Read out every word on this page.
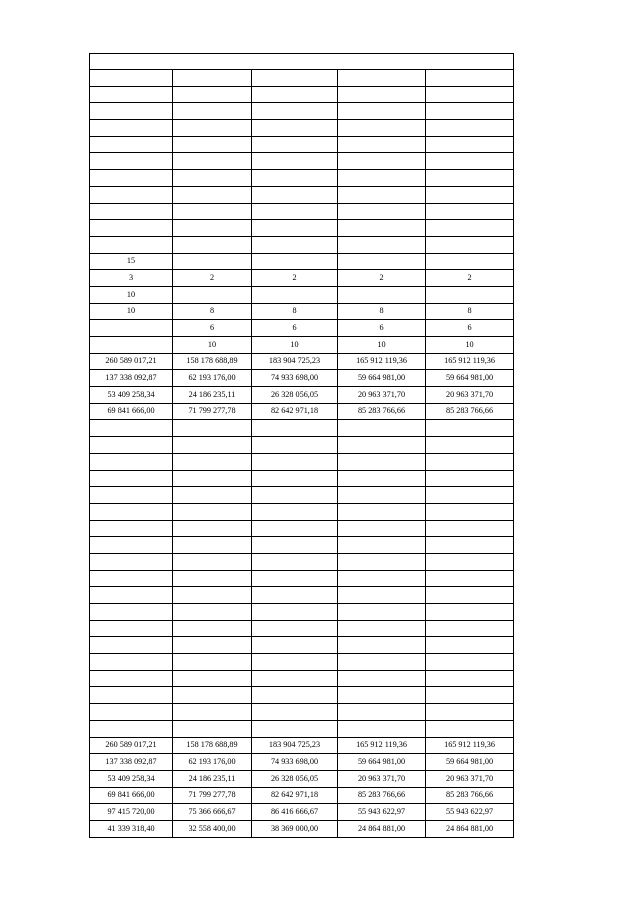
15				
3	2	2	2	2
10				
10	8	8	8	8
	6	6	6	6
	10	10	10	10
260 589 017,21	158 178 688,89	183 904 725,23	165 912 119,36	165 912 119,36
137 338 092,87	62 193 176,00	74 933 698,00	59 664 981,00	59 664 981,00
53 409 258,34	24 186 235,11	26 328 056,05	20 963 371,70	20 963 371,70
69 841 666,00	71 799 277,78	82 642 971,18	85 283 766,66	85 283 766,66

260 589 017,21	158 178 688,89	183 904 725,23	165 912 119,36	165 912 119,36
137 338 092,87	62 193 176,00	74 933 698,00	59 664 981,00	59 664 981,00
53 409 258,34	24 186 235,11	26 328 056,05	20 963 371,70	20 963 371,70
69 841 666,00	71 799 277,78	82 642 971,18	85 283 766,66	85 283 766,66
97 415 720,00	75 366 666,67	86 416 666,67	55 943 622,97	55 943 622,97
41 339 318,40	32 558 400,00	38 369 000,00	24 864 881,00	24 864 881,00
